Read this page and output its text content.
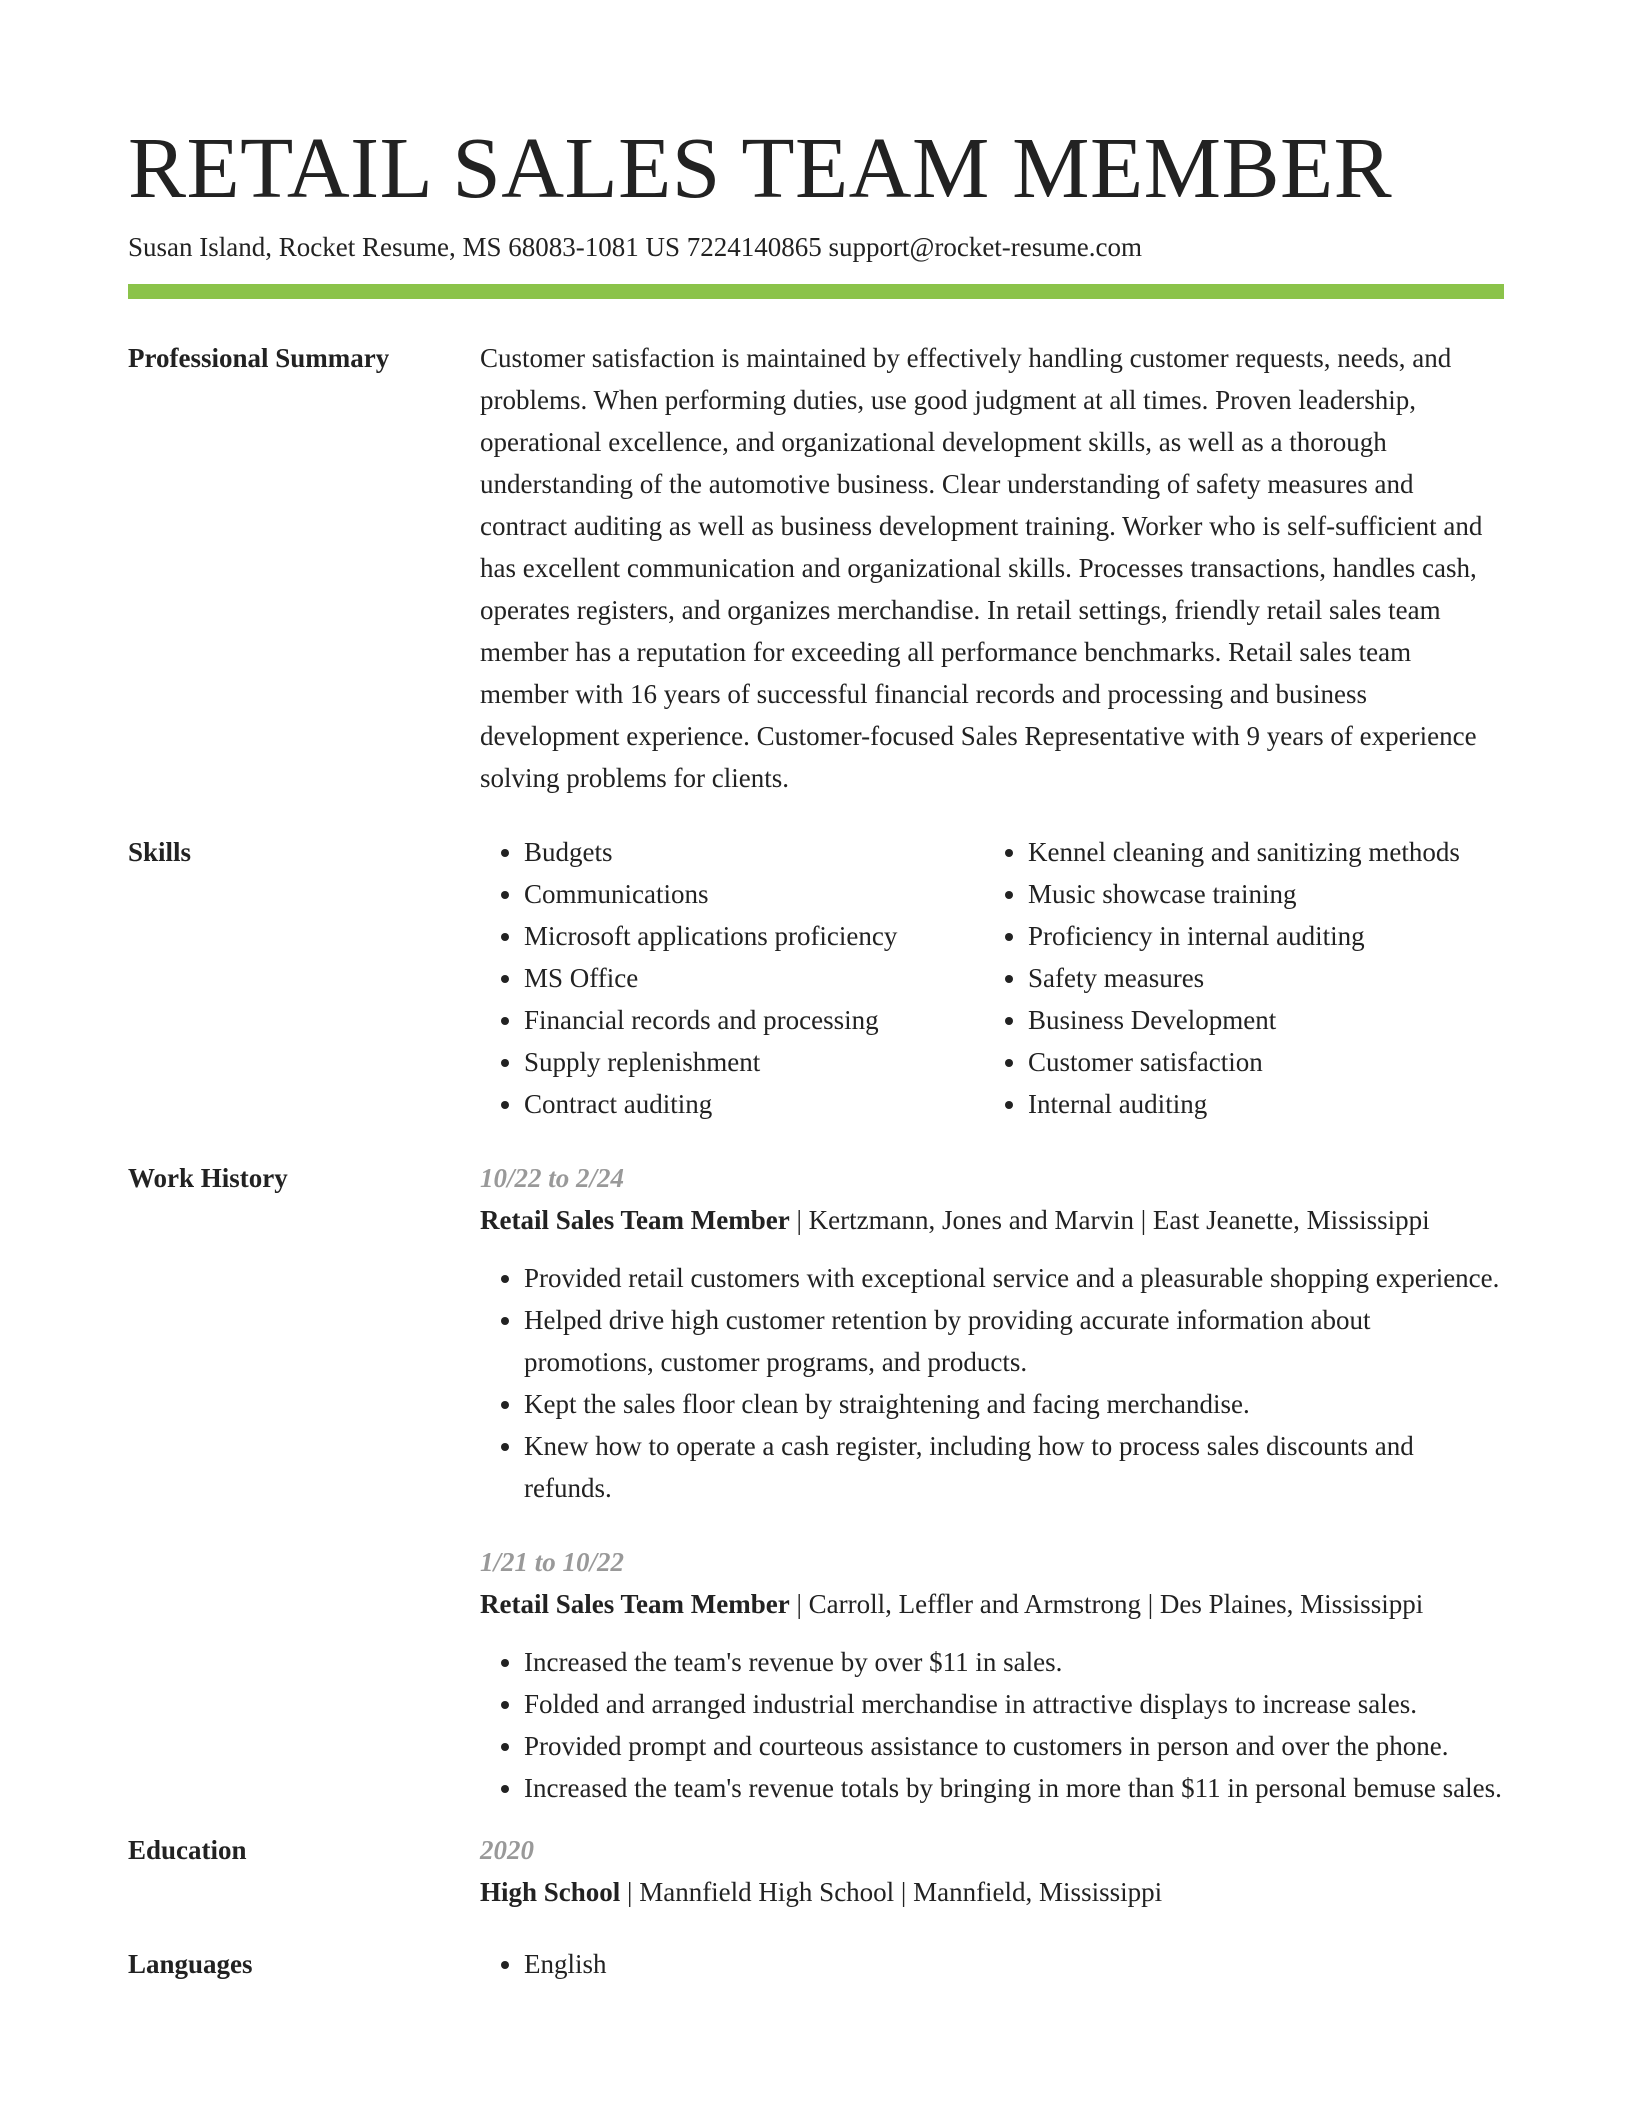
RETAIL SALES TEAM MEMBER
Susan Island, Rocket Resume, MS 68083-1081 US 7224140865 support@rocket-resume.com
Professional Summary	Customer satisfaction is maintained by effectively handling customer requests, needs, and problems. When performing duties, use good judgment at all times. Proven leadership, operational excellence, and organizational development skills, as well as a thorough understanding of the automotive business. Clear understanding of safety measures and contract auditing as well as business development training. Worker who is self-sufficient and has excellent communication and organizational skills. Processes transactions, handles cash, operates registers, and organizes merchandise. In retail settings, friendly retail sales team member has a reputation for exceeding all performance benchmarks. Retail sales team member with 16 years of successful financial records and processing and business development experience. Customer-focused Sales Representative with 9 years of experience solving problems for clients.

Skills	• Budgets
• Communications
• Microsoft applications proficiency
• MS Office
• Financial records and processing
• Supply replenishment
• Contract auditing
• Kennel cleaning and sanitizing methods
• Music showcase training
• Proficiency in internal auditing
• Safety measures
• Business Development
• Customer satisfaction
• Internal auditing
Work History	10/22 to 2/24
Retail Sales Team Member | Kertzmann, Jones and Marvin | East Jeanette, Mississippi
• Provided retail customers with exceptional service and a pleasurable shopping experience.
• Helped drive high customer retention by providing accurate information about promotions, customer programs, and products.
• Kept the sales floor clean by straightening and facing merchandise.
• Knew how to operate a cash register, including how to process sales discounts and refunds.
1/21 to 10/22
Retail Sales Team Member | Carroll, Leffler and Armstrong | Des Plaines, Mississippi
• Increased the team's revenue by over $11 in sales.
• Folded and arranged industrial merchandise in attractive displays to increase sales.
• Provided prompt and courteous assistance to customers in person and over the phone.
• Increased the team's revenue totals by bringing in more than $11 in personal bemuse sales.
Education	2020
High School | Mannfield High School | Mannfield, Mississippi
Languages	• English
